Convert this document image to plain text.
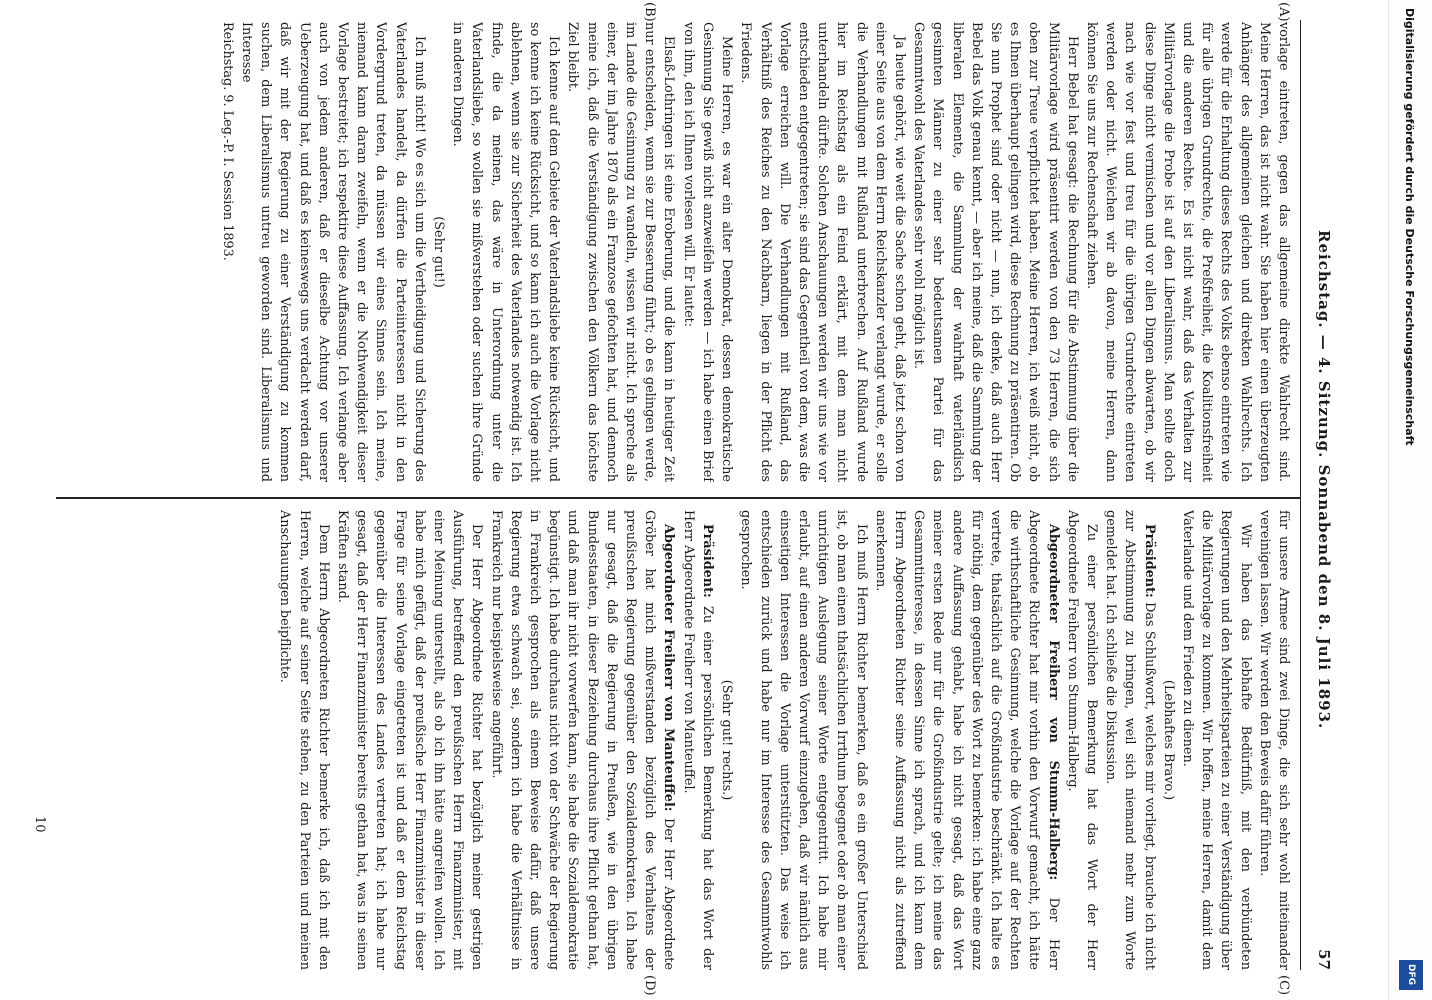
Reichstag. — 4. Sitzung. Sonnabend den 8. Juli 1893.
57
(A)
(B)
(C)
(D)

vorlage eintreten, gegen das allgemeine direkte Wahlrecht sind. Meine Herren, das ist nicht wahr. Sie haben hier einen überzeugten Anhänger des allgemeinen gleichen und direkten Wahlrechts. Ich werde für die Erhaltung dieses Rechts des Volks ebenso eintreten wie für alle übrigen Grundrechte, die Preßfreiheit, die Koalitionsfreiheit und die anderen Rechte. Es ist nicht wahr, daß das Verhalten zur Militärvorlage die Probe ist auf den Liberalismus. Man sollte doch diese Dinge nicht vermischen und vor allen Dingen abwarten, ob wir nach wie vor fest und treu für die übrigen Grundrechte eintreten werden oder nicht. Weichen wir ab davon, meine Herren, dann können Sie uns zur Rechenschaft ziehen.

Herr Bebel hat gesagt: die Rechnung für die Abstimmung über die Militärvorlage wird präsentirt werden von den 73 Herren, die sich oben zur Treue verpflichtet haben. Meine Herren, ich weiß nicht, ob es Ihnen überhaupt gelingen wird, diese Rechnung zu präsentiren. Ob Sie nun Prophet sind oder nicht — nun, ich denke, daß auch Herr Bebel das Volk genau kennt, — aber ich meine, daß die Sammlung der liberalen Elemente, die Sammlung der wahrhaft vaterländisch gesinnten Männer zu einer sehr bedeutsamen Partei für das Gesammtwohl des Vaterlandes sehr wohl möglich ist.

Ja heute gehört, wie weit die Sache schon geht, daß jetzt schon von einer Seite aus von dem Herrn Reichskanzler verlangt wurde, er solle die Verhandlungen mit Rußland unterbrechen. Auf Rußland wurde hier im Reichstag als ein Feind erklärt, mit dem man nicht unterhandeln dürfte. Solchen Anschauungen werden wir uns wie vor entschieden entgegentreten; sie sind das Gegentheil von dem, was die Vorlage erreichen will. Die Verhandlungen mit Rußland, das Verhältniß des Reiches zu den Nachbarn, liegen in der Pflicht des Friedens.

Meine Herren, es war ein alter Demokrat, dessen demokratische Gesinnung Sie gewiß nicht anzweifeln werden — ich habe einen Brief von ihm, den ich Ihnen vorlesen will. Er lautet:

Elsaß-Lothringen ist eine Eroberung, und die kann in heutiger Zeit nur entscheiden, wenn sie zur Besserung führt; ob es gelingen werde, im Lande die Gesinnung zu wandeln, wissen wir nicht. Ich spreche als einer, der im Jahre 1870 als ein Franzose gefochten hat, und dennoch meine ich, daß die Verständigung zwischen den Völkern das höchste Ziel bleibt.

Ich kenne auf dem Gebiete der Vaterlandsliebe keine Rücksicht, und so kenne ich keine Rücksicht, und so kann ich auch die Vorlage nicht ablehnen, wenn sie zur Sicherheit des Vaterlandes notwendig ist. Ich finde, die da meinen, das wäre in Unterordnung unter die Vaterlandsliebe, so wollen sie mißverstehen oder suchen ihre Gründe in anderen Dingen.

(Sehr gut!)

Ich muß nicht! Wo es sich um die Vertheidigung und Sicherung des Vaterlandes handelt, da dürfen die Parteiinteressen nicht in den Vordergrund treten, da müssen wir eines Sinnes sein. Ich meine, niemand kann daran zweifeln, wenn er die Nothwendigkeit dieser Vorlage bestreitet; ich respektire diese Auffassung. Ich verlange aber auch von jedem anderen, daß er dieselbe Achtung vor unserer Ueberzeugung hat, und daß es keineswegs uns verdacht werden darf, daß wir mit der Regierung zu einer Verständigung zu kommen suchen, dem Liberalismus untreu geworden sind. Liberalismus und Interesse

Reichstag. 9. Leg.-P. I. Session 1893.

für unsere Armee sind zwei Dinge, die sich sehr wohl miteinander vereinigen lassen. Wir werden den Beweis dafür führen.

Wir haben das lebhafte Bedürfniß, mit den verbündeten Regierungen und den Mehrheitsparteien zu einer Verständigung über die Militärvorlage zu kommen. Wir hoffen, meine Herren, damit dem Vaterlande und dem Frieden zu dienen.

(Lebhaftes Bravo.)

Präsident: Das Schlußwort, welches mir vorliegt, brauche ich nicht zur Abstimmung zu bringen, weil sich niemand mehr zum Worte gemeldet hat. Ich schließe die Diskussion.

Zu einer persönlichen Bemerkung hat das Wort der Herr Abgeordnete Freiherr von Stumm-Halberg.

Abgeordneter Freiherr von Stumm-Halberg: Der Herr Abgeordnete Richter hat mir vorhin den Vorwurf gemacht, ich hätte die wirthschaftliche Gesinnung, welche die Vorlage auf der Rechten vertrete, thatsächlich auf die Großindustrie beschränkt. Ich halte es für nöthig, dem gegenüber des Wort zu bemerken: ich habe eine ganz andere Auffassung gehabt, habe ich nicht gesagt, daß das Wort meiner ersten Rede nur für die Großindustrie gelte; ich meine das Gesammtinteresse, in dessen Sinne ich sprach, und ich kann dem Herrn Abgeordneten Richter seine Auffassung nicht als zutreffend anerkennen.

Ich muß Herrn Richter bemerken, daß es ein großer Unterschied ist, ob man einem thatsächlichen Irrthum begegnet oder ob man einer unrichtigen Auslegung seiner Worte entgegentritt. Ich habe mir erlaubt, auf einen anderen Vorwurf einzugehen, daß wir nämlich aus einseitigen Interessen die Vorlage unterstützten. Das weise ich entschieden zurück und habe nur im Interesse des Gesammtwohls gesprochen.

(Sehr gut! rechts.)

Präsident: Zu einer persönlichen Bemerkung hat das Wort der Herr Abgeordnete Freiherr von Manteuffel.

Abgeordneter Freiherr von Manteuffel: Der Herr Abgeordnete Gröber hat mich mißverstanden bezüglich des Verhaltens der preußischen Regierung gegenüber den Sozialdemokraten. Ich habe nur gesagt, daß die Regierung in Preußen, wie in den übrigen Bundesstaaten, in dieser Beziehung durchaus ihre Pflicht gethan hat, und daß man ihr nicht vorwerfen kann, sie habe die Sozialdemokratie begünstigt. Ich habe durchaus nicht von der Schwäche der Regierung in Frankreich gesprochen als einem Beweise dafür, daß unsere Regierung etwa schwach sei, sondern ich habe die Verhältnisse in Frankreich nur beispielsweise angeführt.

Der Herr Abgeordnete Richter hat bezüglich meiner gestrigen Ausführung, betreffend den preußischen Herrn Finanzminister, mit einer Meinung unterstellt, als ob ich ihn hätte angreifen wollen. Ich habe mich gefügt, daß der preußische Herr Finanzminister in dieser Frage für seine Vorlage eingetreten ist und daß er dem Reichstag gegenüber die Interessen des Landes vertreten hat; ich habe nur gesagt, daß der Herr Finanzminister bereits gethan hat, was in seinen Kräften stand.

Dem Herrn Abgeordneten Richter bemerke ich, daß ich mit den Herren, welche auf seiner Seite stehen, zu den Parteien und meinen Anschauungen beipflichte.

10
Digitalisierung gefördert durch die Deutsche Forschungsgemeinschaft
DFG
